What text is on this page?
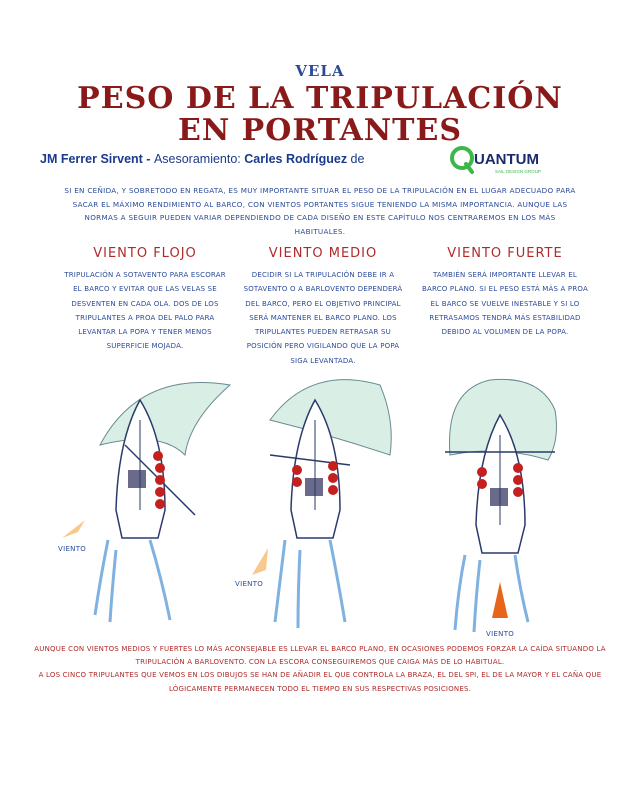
VELA
PESO DE LA TRIPULACIÓN
EN PORTANTES
JM Ferrer Sirvent - Asesoramiento: Carles Rodríguez de	UANTUM
SAIL DESIGN GROUP
SI EN CEÑIDA, Y SOBRETODO EN REGATA, ES MUY IMPORTANTE SITUAR EL PESO DE LA TRIPULACIÓN EN EL LUGAR ADECUADO PARA SACAR EL MÁXIMO RENDIMIENTO AL BARCO, CON VIENTOS PORTANTES SIGUE TENIENDO LA MISMA IMPORTANCIA. AUNQUE LAS NORMAS A SEGUIR PUEDEN VARIAR DEPENDIENDO DE CADA DISEÑO EN ESTE CAPÍTULO NOS CENTRAREMOS EN LOS MÁS HABITUALES.
VIENTO FLOJO
TRIPULACIÓN A SOTAVENTO PARA ESCORAR EL BARCO Y EVITAR QUE LAS VELAS SE DESVENTEN EN CADA OLA. DOS DE LOS TRIPULANTES A PROA DEL PALO PARA LEVANTAR LA POPA Y TENER MENOS SUPERFICIE MOJADA.
VIENTO MEDIO
DECIDIR SI LA TRIPULACIÓN DEBE IR A SOTAVENTO O A BARLOVENTO DEPENDERÁ DEL BARCO, PERO EL OBJETIVO PRINCIPAL SERÁ MANTENER EL BARCO PLANO. LOS TRIPULANTES PUEDEN RETRASAR SU POSICIÓN PERO VIGILANDO QUE LA POPA SIGA LEVANTADA.
VIENTO FUERTE
TAMBIÉN SERÁ IMPORTANTE LLEVAR EL BARCO PLANO. SI EL PESO ESTÁ MÁS A PROA EL BARCO SE VUELVE INESTABLE Y SI LO RETRASAMOS TENDRÁ MÁS ESTABILIDAD DEBIDO AL VOLUMEN DE LA POPA.
VIENTO
VIENTO
VIENTO
AUNQUE CON VIENTOS MEDIOS Y FUERTES LO MÁS ACONSEJABLE ES LLEVAR EL BARCO PLANO, EN OCASIONES PODEMOS FORZAR LA CAÍDA SITUANDO LA TRIPULACIÓN A BARLOVENTO. CON LA ESCORA CONSEGUIREMOS QUE CAIGA MÁS DE LO HABITUAL.
A LOS CINCO TRIPULANTES QUE VEMOS EN LOS DIBUJOS SE HAN DE AÑADIR EL QUE CONTROLA LA BRAZA, EL DEL SPI, EL DE LA MAYOR Y EL CAÑA QUE LÓGICAMENTE PERMANECEN TODO EL TIEMPO EN SUS RESPECTIVAS POSICIONES.
